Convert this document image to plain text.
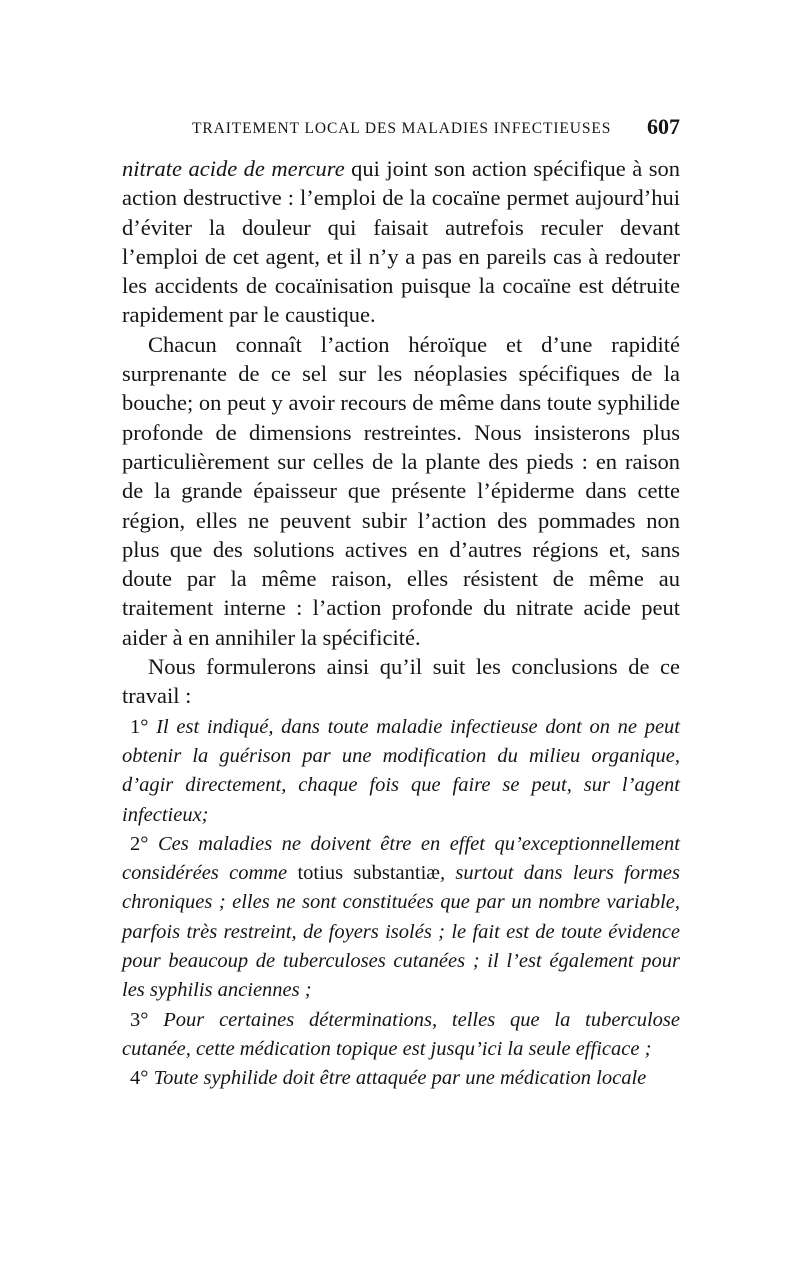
TRAITEMENT LOCAL DES MALADIES INFECTIEUSES 607

nitrate acide de mercure qui joint son action spécifique à son action destructive : l’emploi de la cocaïne permet aujourd’hui d’éviter la douleur qui faisait autrefois reculer devant l’emploi de cet agent, et il n’y a pas en pareils cas à redouter les accidents de cocaïnisation puisque la cocaïne est détruite rapidement par le caustique.

Chacun connaît l’action héroïque et d’une rapidité surprenante de ce sel sur les néoplasies spécifiques de la bouche; on peut y avoir recours de même dans toute syphilide profonde de dimensions restreintes. Nous insisterons plus particulièrement sur celles de la plante des pieds : en raison de la grande épaisseur que présente l’épiderme dans cette région, elles ne peuvent subir l’action des pommades non plus que des solutions actives en d’autres régions et, sans doute par la même raison, elles résistent de même au traitement interne : l’action profonde du nitrate acide peut aider à en annihiler la spécificité.

Nous formulerons ainsi qu’il suit les conclusions de ce travail :

1° Il est indiqué, dans toute maladie infectieuse dont on ne peut obtenir la guérison par une modification du milieu organique, d’agir directement, chaque fois que faire se peut, sur l’agent infectieux;

2° Ces maladies ne doivent être en effet qu’exceptionnellement considérées comme totius substantiæ, surtout dans leurs formes chroniques ; elles ne sont constituées que par un nombre variable, parfois très restreint, de foyers isolés ; le fait est de toute évidence pour beaucoup de tuberculoses cutanées ; il l’est également pour les syphilis anciennes ;

3° Pour certaines déterminations, telles que la tuberculose cutanée, cette médication topique est jusqu’ici la seule efficace ;

4° Toute syphilide doit être attaquée par une médication locale
